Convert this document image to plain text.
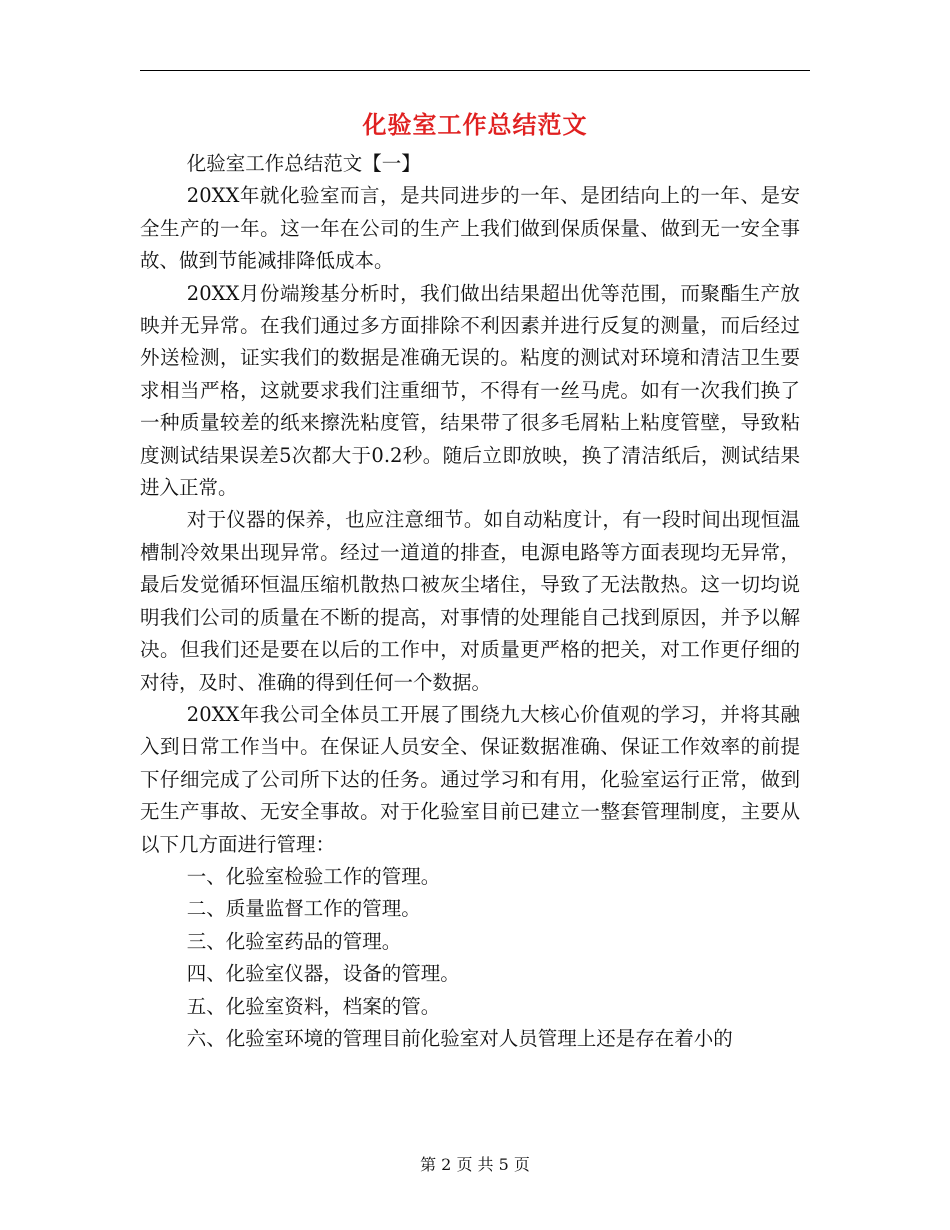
化验室工作总结范文

化验室工作总结范文【一】

20XX年就化验室而言，是共同进步的一年、是团结向上的一年、是安全生产的一年。这一年在公司的生产上我们做到保质保量、做到无一安全事故、做到节能减排降低成本。

20XX月份端羧基分析时，我们做出结果超出优等范围，而聚酯生产放映并无异常。在我们通过多方面排除不利因素并进行反复的测量，而后经过外送检测，证实我们的数据是准确无误的。粘度的测试对环境和清洁卫生要求相当严格，这就要求我们注重细节，不得有一丝马虎。如有一次我们换了一种质量较差的纸来擦洗粘度管，结果带了很多毛屑粘上粘度管壁，导致粘度测试结果误差5次都大于0.2秒。随后立即放映，换了清洁纸后，测试结果进入正常。

对于仪器的保养，也应注意细节。如自动粘度计，有一段时间出现恒温槽制冷效果出现异常。经过一道道的排查，电源电路等方面表现均无异常，最后发觉循环恒温压缩机散热口被灰尘堵住，导致了无法散热。这一切均说明我们公司的质量在不断的提高，对事情的处理能自己找到原因，并予以解决。但我们还是要在以后的工作中，对质量更严格的把关，对工作更仔细的对待，及时、准确的得到任何一个数据。

20XX年我公司全体员工开展了围绕九大核心价值观的学习，并将其融入到日常工作当中。在保证人员安全、保证数据准确、保证工作效率的前提下仔细完成了公司所下达的任务。通过学习和有用，化验室运行正常，做到无生产事故、无安全事故。对于化验室目前已建立一整套管理制度，主要从以下几方面进行管理：

一、化验室检验工作的管理。

二、质量监督工作的管理。

三、化验室药品的管理。

四、化验室仪器，设备的管理。

五、化验室资料，档案的管。

六、化验室环境的管理目前化验室对人员管理上还是存在着小的

第 2 页 共 5 页
